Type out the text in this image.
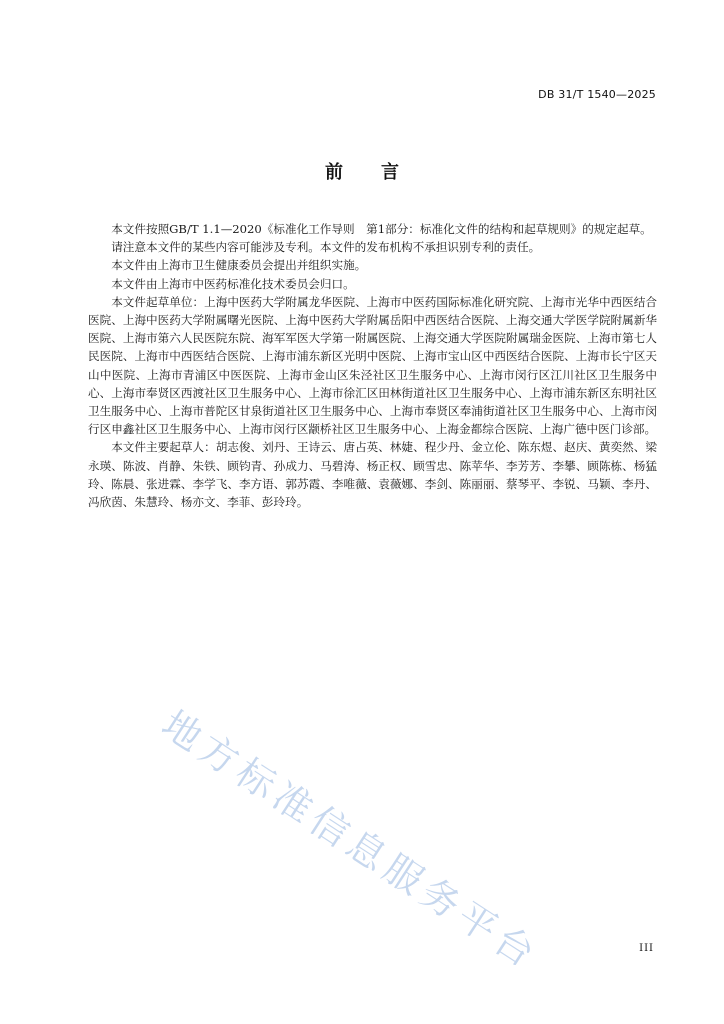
DB 31/T 1540—2025
前言

本文件按照GB/T 1.1—2020《标准化工作导则　第1部分：标准化文件的结构和起草规则》的规定起草。

请注意本文件的某些内容可能涉及专利。本文件的发布机构不承担识别专利的责任。

本文件由上海市卫生健康委员会提出并组织实施。

本文件由上海市中医药标准化技术委员会归口。

本文件起草单位：上海中医药大学附属龙华医院、上海市中医药国际标准化研究院、上海市光华中西医结合医院、上海中医药大学附属曙光医院、上海中医药大学附属岳阳中西医结合医院、上海交通大学医学院附属新华医院、上海市第六人民医院东院、海军军医大学第一附属医院、上海交通大学医院附属瑞金医院、上海市第七人民医院、上海市中西医结合医院、上海市浦东新区光明中医院、上海市宝山区中西医结合医院、上海市长宁区天山中医院、上海市青浦区中医医院、上海市金山区朱泾社区卫生服务中心、上海市闵行区江川社区卫生服务中心、上海市奉贤区西渡社区卫生服务中心、上海市徐汇区田林街道社区卫生服务中心、上海市浦东新区东明社区卫生服务中心、上海市普陀区甘泉街道社区卫生服务中心、上海市奉贤区奉浦街道社区卫生服务中心、上海市闵行区申鑫社区卫生服务中心、上海市闵行区颛桥社区卫生服务中心、上海金都综合医院、上海广德中医门诊部。

本文件主要起草人：胡志俊、刘丹、王诗云、唐占英、林婕、程少丹、金立伦、陈东煜、赵庆、黄奕然、梁永瑛、陈波、肖静、朱铁、顾钧青、孙成力、马碧涛、杨正权、顾雪忠、陈苹华、李芳芳、李攀、顾陈栋、杨猛玲、陈晨、张进霖、李学飞、李方语、郭苏霞、李唯薇、袁薇娜、李剑、陈丽丽、蔡琴平、李锐、马颖、李丹、冯欣茵、朱慧玲、杨亦文、李菲、彭玲玲。

地方标准信息服务平台	III
